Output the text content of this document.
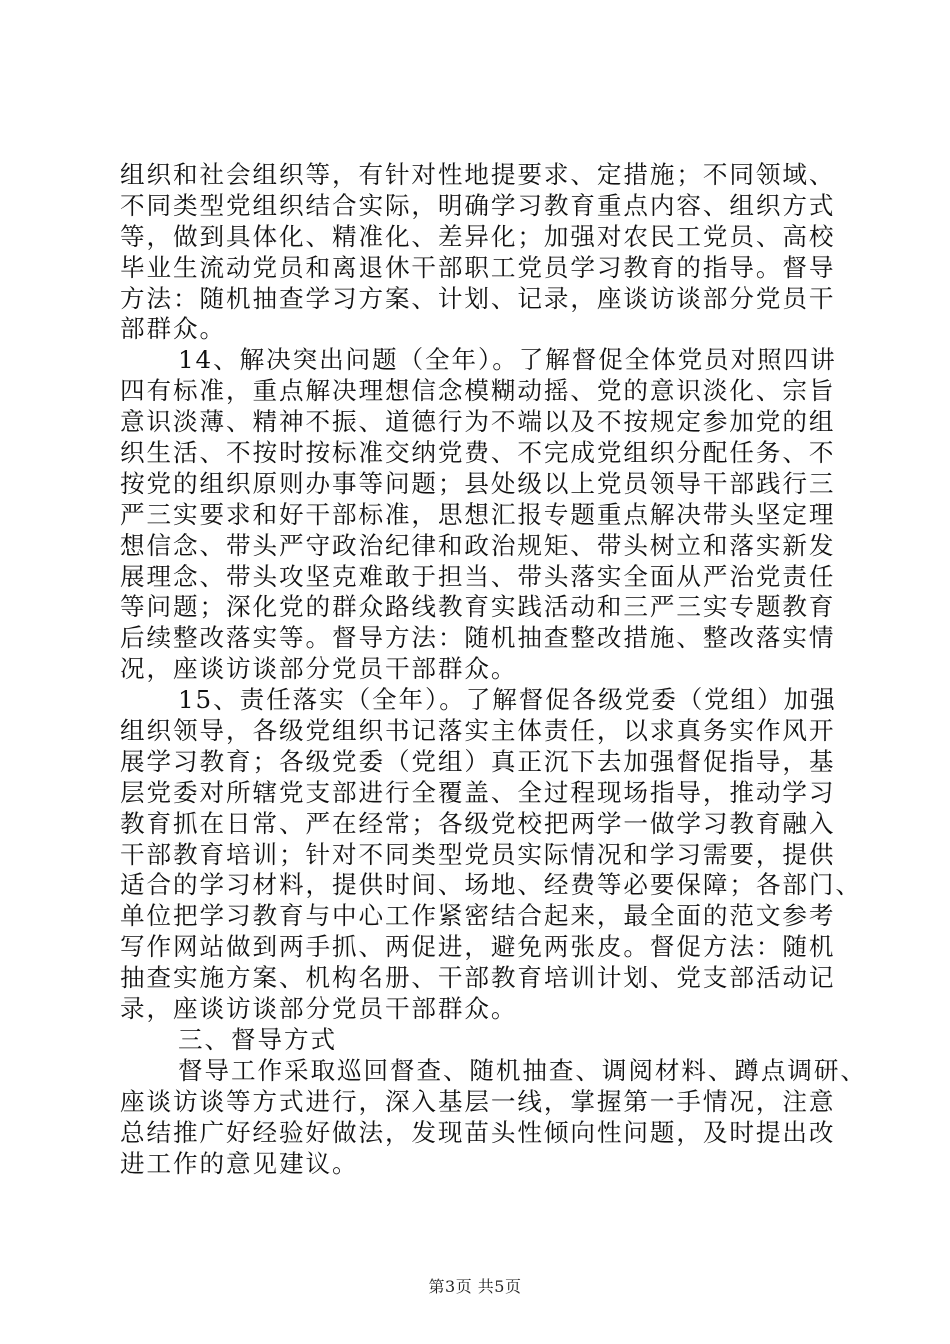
组织和社会组织等，有针对性地提要求、定措施；不同领域、
不同类型党组织结合实际，明确学习教育重点内容、组织方式
等，做到具体化、精准化、差异化；加强对农民工党员、高校
毕业生流动党员和离退休干部职工党员学习教育的指导。督导
方法：随机抽查学习方案、计划、记录，座谈访谈部分党员干
部群众。
14、解决突出问题（全年）。了解督促全体党员对照四讲
四有标准，重点解决理想信念模糊动摇、党的意识淡化、宗旨
意识淡薄、精神不振、道德行为不端以及不按规定参加党的组
织生活、不按时按标准交纳党费、不完成党组织分配任务、不
按党的组织原则办事等问题；县处级以上党员领导干部践行三
严三实要求和好干部标准，思想汇报专题重点解决带头坚定理
想信念、带头严守政治纪律和政治规矩、带头树立和落实新发
展理念、带头攻坚克难敢于担当、带头落实全面从严治党责任
等问题；深化党的群众路线教育实践活动和三严三实专题教育
后续整改落实等。督导方法：随机抽查整改措施、整改落实情
况，座谈访谈部分党员干部群众。
15、责任落实（全年）。了解督促各级党委（党组）加强
组织领导，各级党组织书记落实主体责任，以求真务实作风开
展学习教育；各级党委（党组）真正沉下去加强督促指导，基
层党委对所辖党支部进行全覆盖、全过程现场指导，推动学习
教育抓在日常、严在经常；各级党校把两学一做学习教育融入
干部教育培训；针对不同类型党员实际情况和学习需要，提供
适合的学习材料，提供时间、场地、经费等必要保障；各部门、
单位把学习教育与中心工作紧密结合起来，最全面的范文参考
写作网站做到两手抓、两促进，避免两张皮。督促方法：随机
抽查实施方案、机构名册、干部教育培训计划、党支部活动记
录，座谈访谈部分党员干部群众。
三、督导方式
督导工作采取巡回督查、随机抽查、调阅材料、蹲点调研、
座谈访谈等方式进行，深入基层一线，掌握第一手情况，注意
总结推广好经验好做法，发现苗头性倾向性问题，及时提出改
进工作的意见建议。
第3页 共5页
